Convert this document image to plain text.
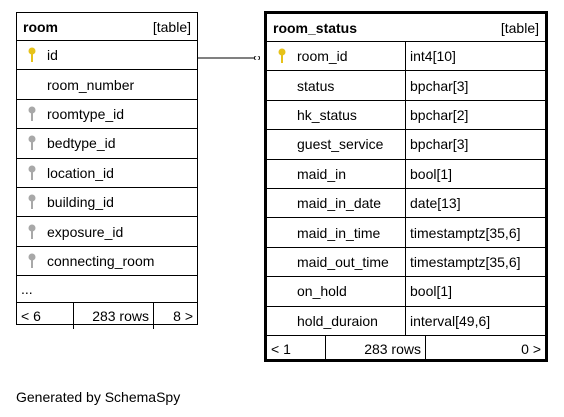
room	[table]
id
room_number
roomtype_id
bedtype_id
location_id
building_id
exposure_id
connecting_room
...
< 6	283 rows	8 >
room_status	[table]
room_id	int4[10]
status	bpchar[3]
hk_status	bpchar[2]
guest_service	bpchar[3]
maid_in	bool[1]
maid_in_date	date[13]
maid_in_time	timestamptz[35,6]
maid_out_time	timestamptz[35,6]
on_hold	bool[1]
hold_duraion	interval[49,6]
< 1	283 rows	0 >
Generated by SchemaSpy
